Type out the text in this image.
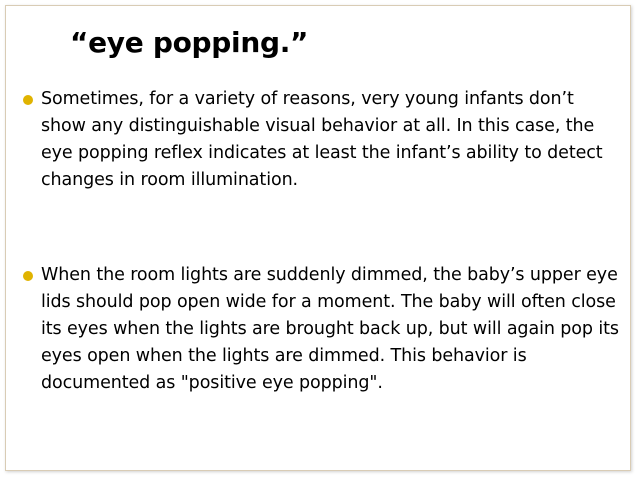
“eye popping.”
Sometimes, for a variety of reasons, very young infants don’t show any distinguishable visual behavior at all. In this case, the eye popping reflex indicates at least the infant’s ability to detect changes in room illumination.
When the room lights are suddenly dimmed, the baby’s upper eye lids should pop open wide for a moment. The baby will often close its eyes when the lights are brought back up, but will again pop its eyes open when the lights are dimmed. This behavior is documented as "positive eye popping".
